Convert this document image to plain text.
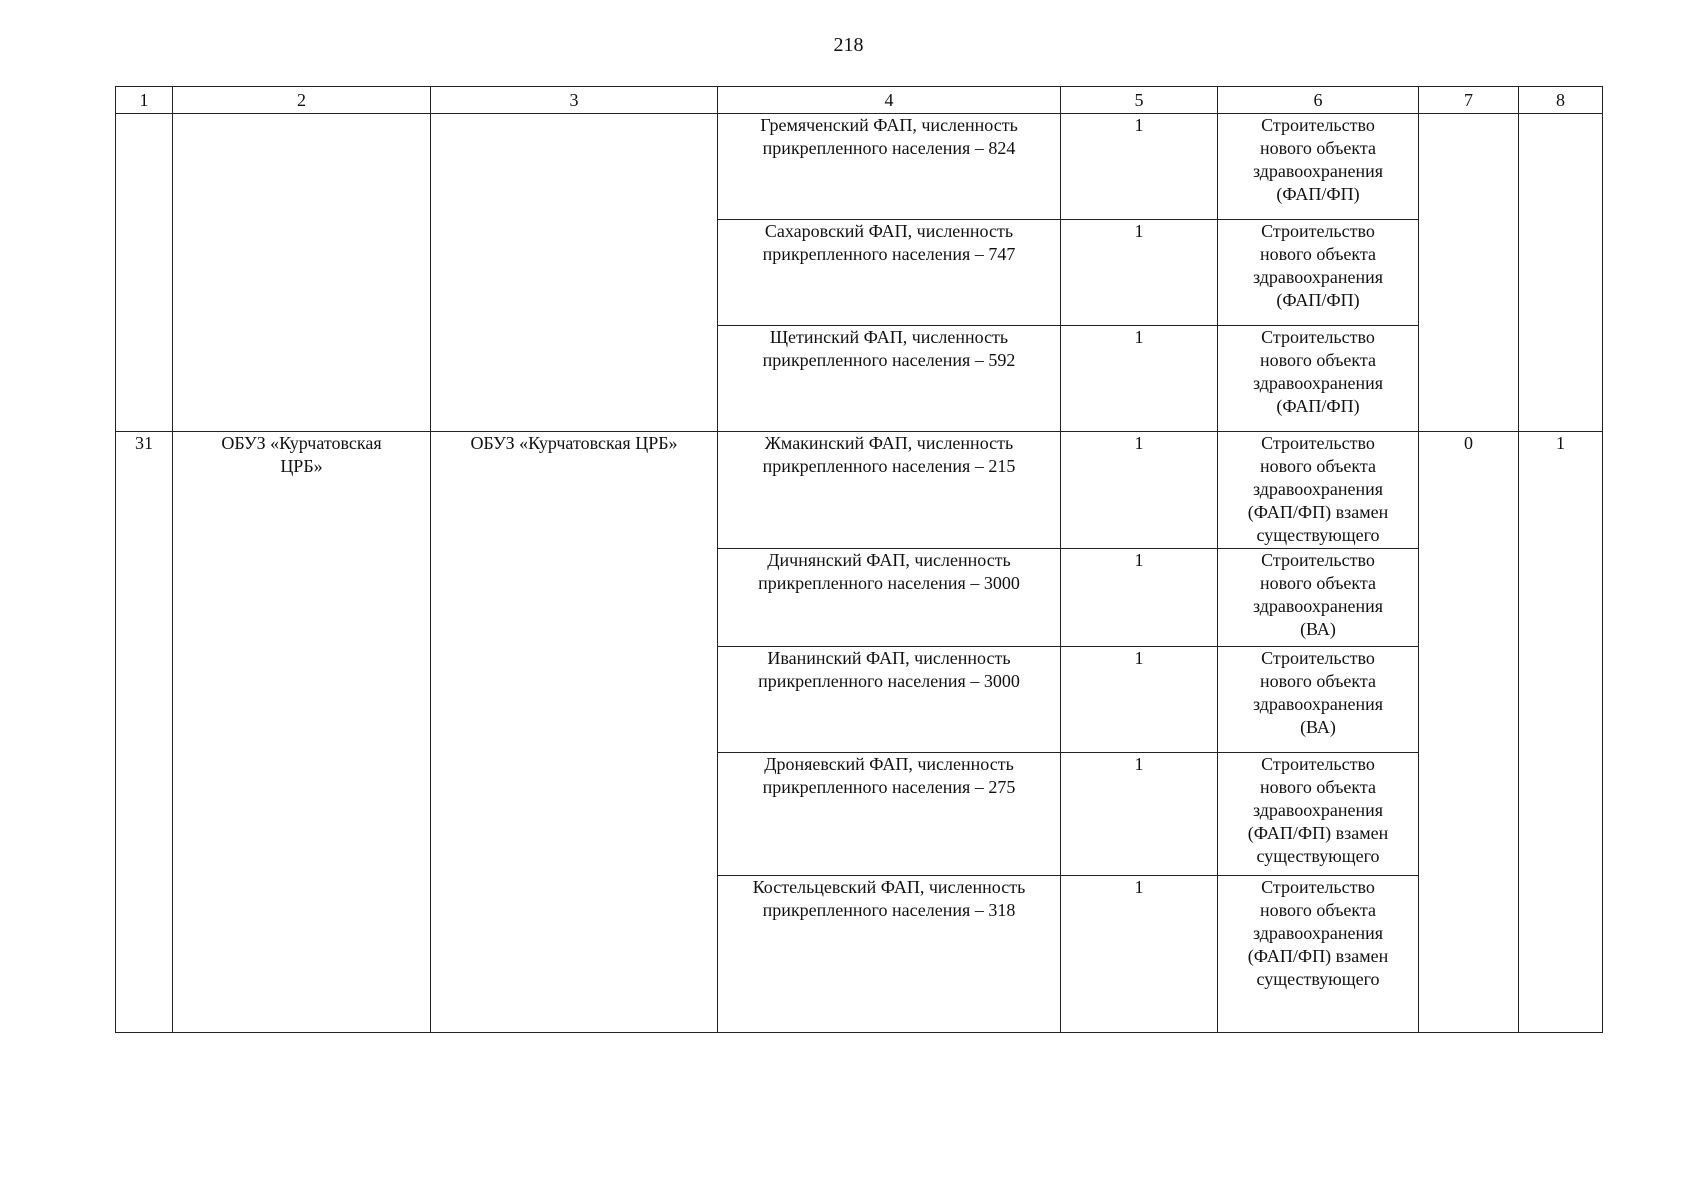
218
1	2	3	4	5	6	7	8

			Гремяченский ФАП, численность
прикрепленного населения – 824	1	Строительство
нового объекта
здравоохранения
(ФАП/ФП)		

			Сахаровский ФАП, численность
прикрепленного населения – 747	1	Строительство
нового объекта
здравоохранения
(ФАП/ФП)		

			Щетинский ФАП, численность
прикрепленного населения – 592	1	Строительство
нового объекта
здравоохранения
(ФАП/ФП)		

31	ОБУЗ «Курчатовская
ЦРБ»	ОБУЗ «Курчатовская ЦРБ»	Жмакинский ФАП, численность
прикрепленного населения – 215	1	Строительство
нового объекта
здравоохранения
(ФАП/ФП) взамен
существующего	0	1

			Дичнянский ФАП, численность
прикрепленного населения – 3000	1	Строительство
нового объекта
здравоохранения
(ВА)		

			Иванинский ФАП, численность
прикрепленного населения – 3000	1	Строительство
нового объекта
здравоохранения
(ВА)		

			Дроняевский ФАП, численность
прикрепленного населения – 275	1	Строительство
нового объекта
здравоохранения
(ФАП/ФП) взамен
существующего		

			Костельцевский ФАП, численность
прикрепленного населения – 318	1	Строительство
нового объекта
здравоохранения
(ФАП/ФП) взамен
существующего		
